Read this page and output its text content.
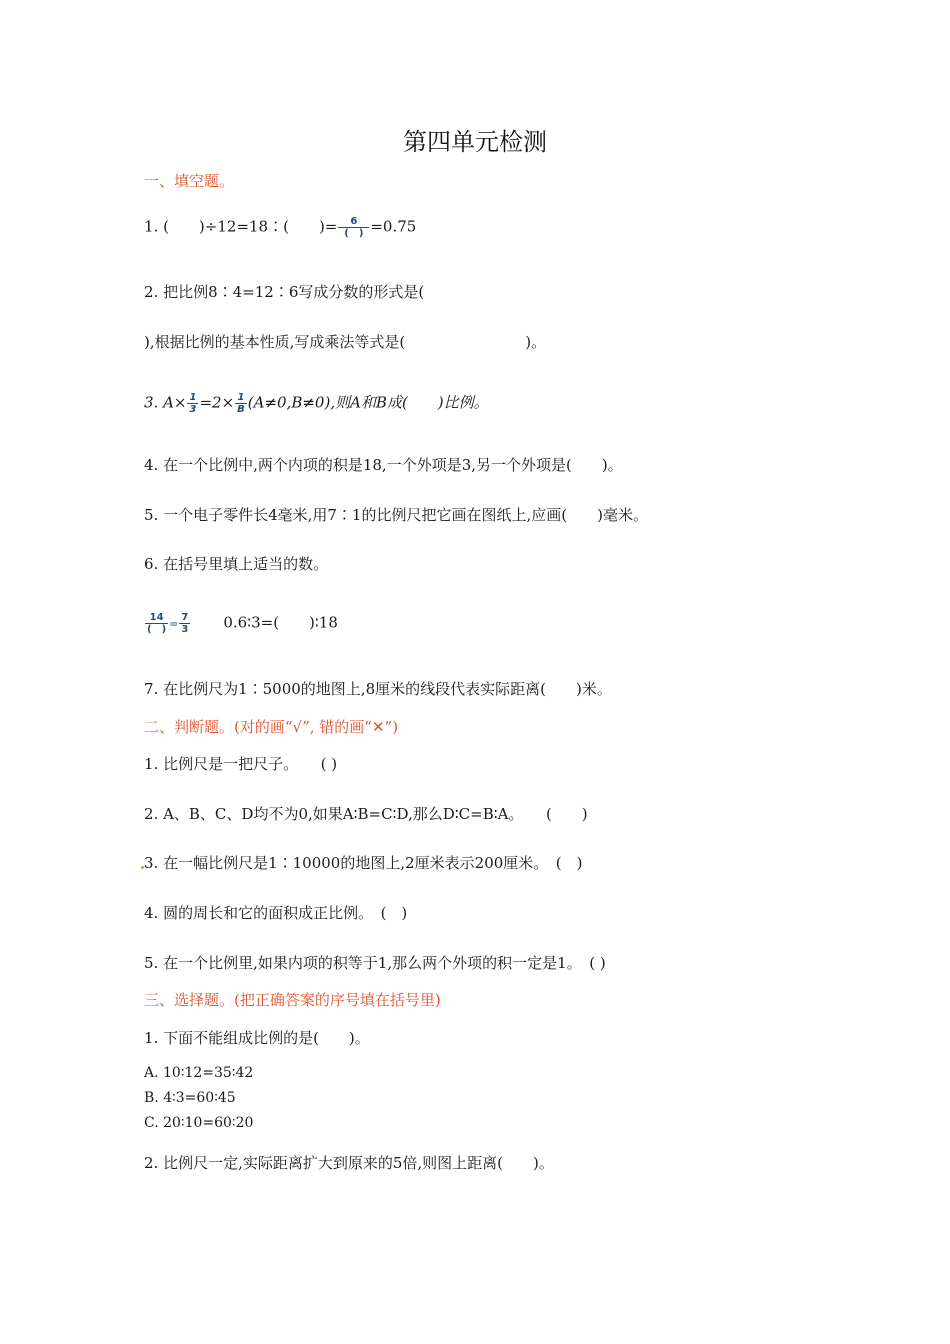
第四单元检测
一、填空题。
1. (　　)÷12=18∶(　　)= $\frac{6}{( )} =0.75$
2. 把比例8∶4=12∶6写成分数的形式是(
),根据比例的基本性质,写成乘法等式是(　　　　　　　　)。
3. $A\times \frac{1}{3} =2\times \frac{1}{B} (A\ne 0,B\ne 0)$,则A和B成(　　)比例。
4. 在一个比例中,两个内项的积是18,一个外项是3,另一个外项是(　　)。
5. 一个电子零件长4毫米,用7∶1的比例尺把它画在图纸上,应画(　　)毫米。
6. 在括号里填上适当的数。
$\frac{14}{( )} = \frac{7}{3}$ 0.6∶3=(　　)∶18
7. 在比例尺为1∶5000的地图上,8厘米的线段代表实际距离(　　)米。
二、判断题。(对的画“√”, 错的画“✕”)
1. 比例尺是一把尺子。　　( )
2. A、B、C、D均不为0,如果A∶B=C∶D,那么D∶C=B∶A。　　(　　)
3. 在一幅比例尺是1∶10000的地图上,2厘米表示200厘米。　(　)
4. 圆的周长和它的面积成正比例。　(　)
5. 在一个比例里,如果内项的积等于1,那么两个外项的积一定是1。　( )
三、选择题。(把正确答案的序号填在括号里)
1. 下面不能组成比例的是(　　)。
A. 10∶12=35∶42
B. 4∶3=60∶45
C. 20∶10=60∶20
2. 比例尺一定,实际距离扩大到原来的5倍,则图上距离(　　)。
